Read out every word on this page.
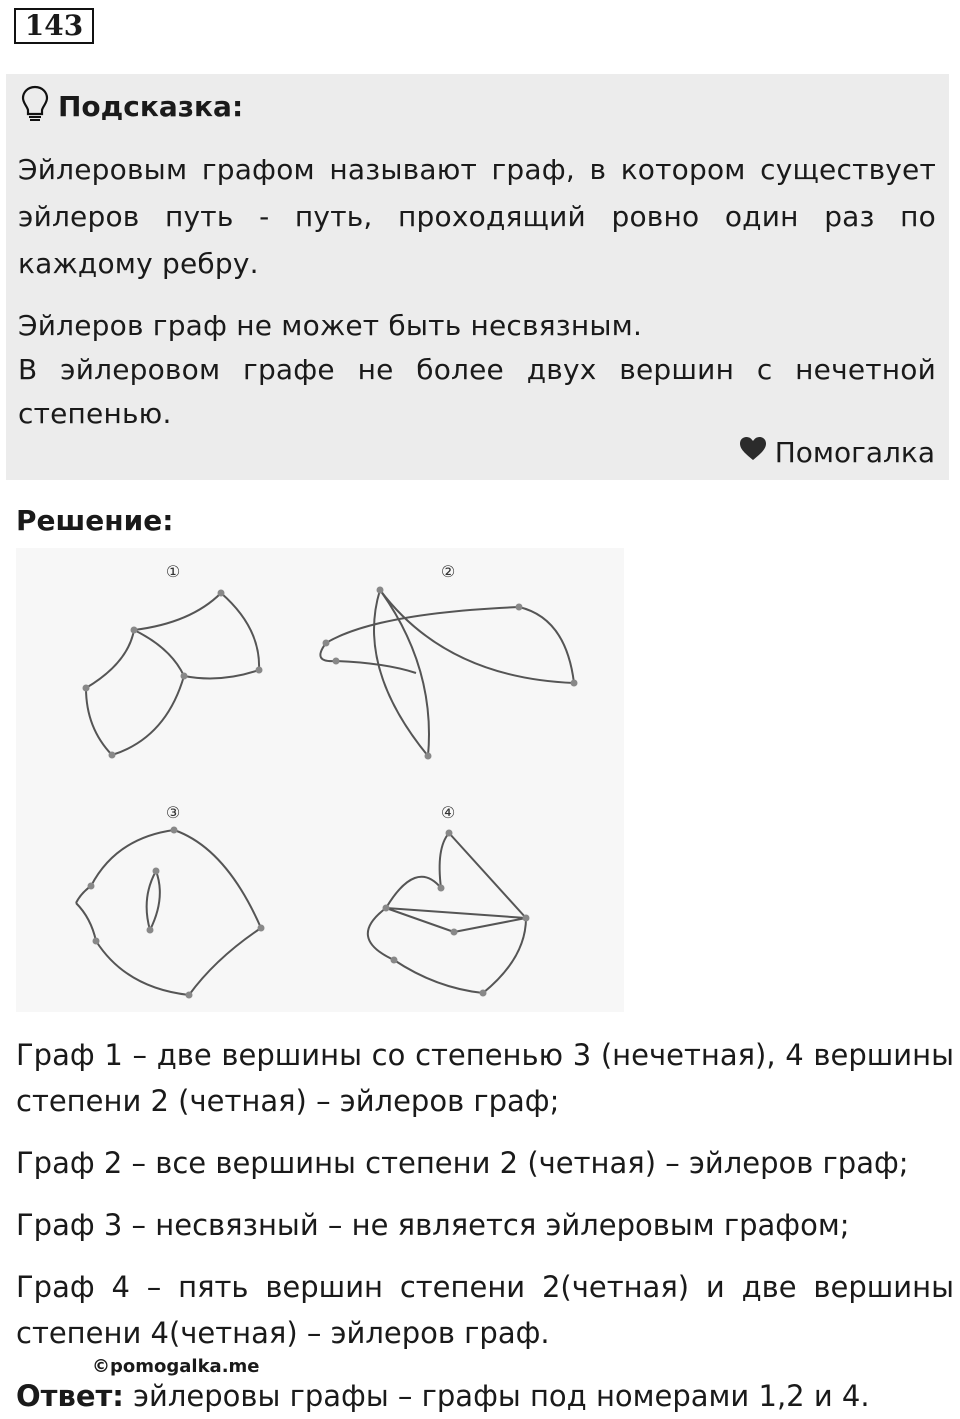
143
Подсказка:
Эйлеровым графом называют граф, в котором существует
эйлеров путь - путь, проходящий ровно один раз по
каждому ребру.
Эйлеров граф не может быть несвязным.
В эйлеровом графе не более двух вершин с нечетной
степенью.
Помогалка
Решение:
①	②
③	④
Граф 1 – две вершины со степенью 3 (нечетная), 4 вершины
степени 2 (четная) – эйлеров граф;
Граф 2 – все вершины степени 2 (четная) – эйлеров граф;
Граф 3 – несвязный – не является эйлеровым графом;
Граф 4 – пять вершин степени 2(четная) и две вершины
степени 4(четная) – эйлеров граф.
©pomogalka.me
Ответ: эйлеровы графы – графы под номерами 1,2 и 4.
